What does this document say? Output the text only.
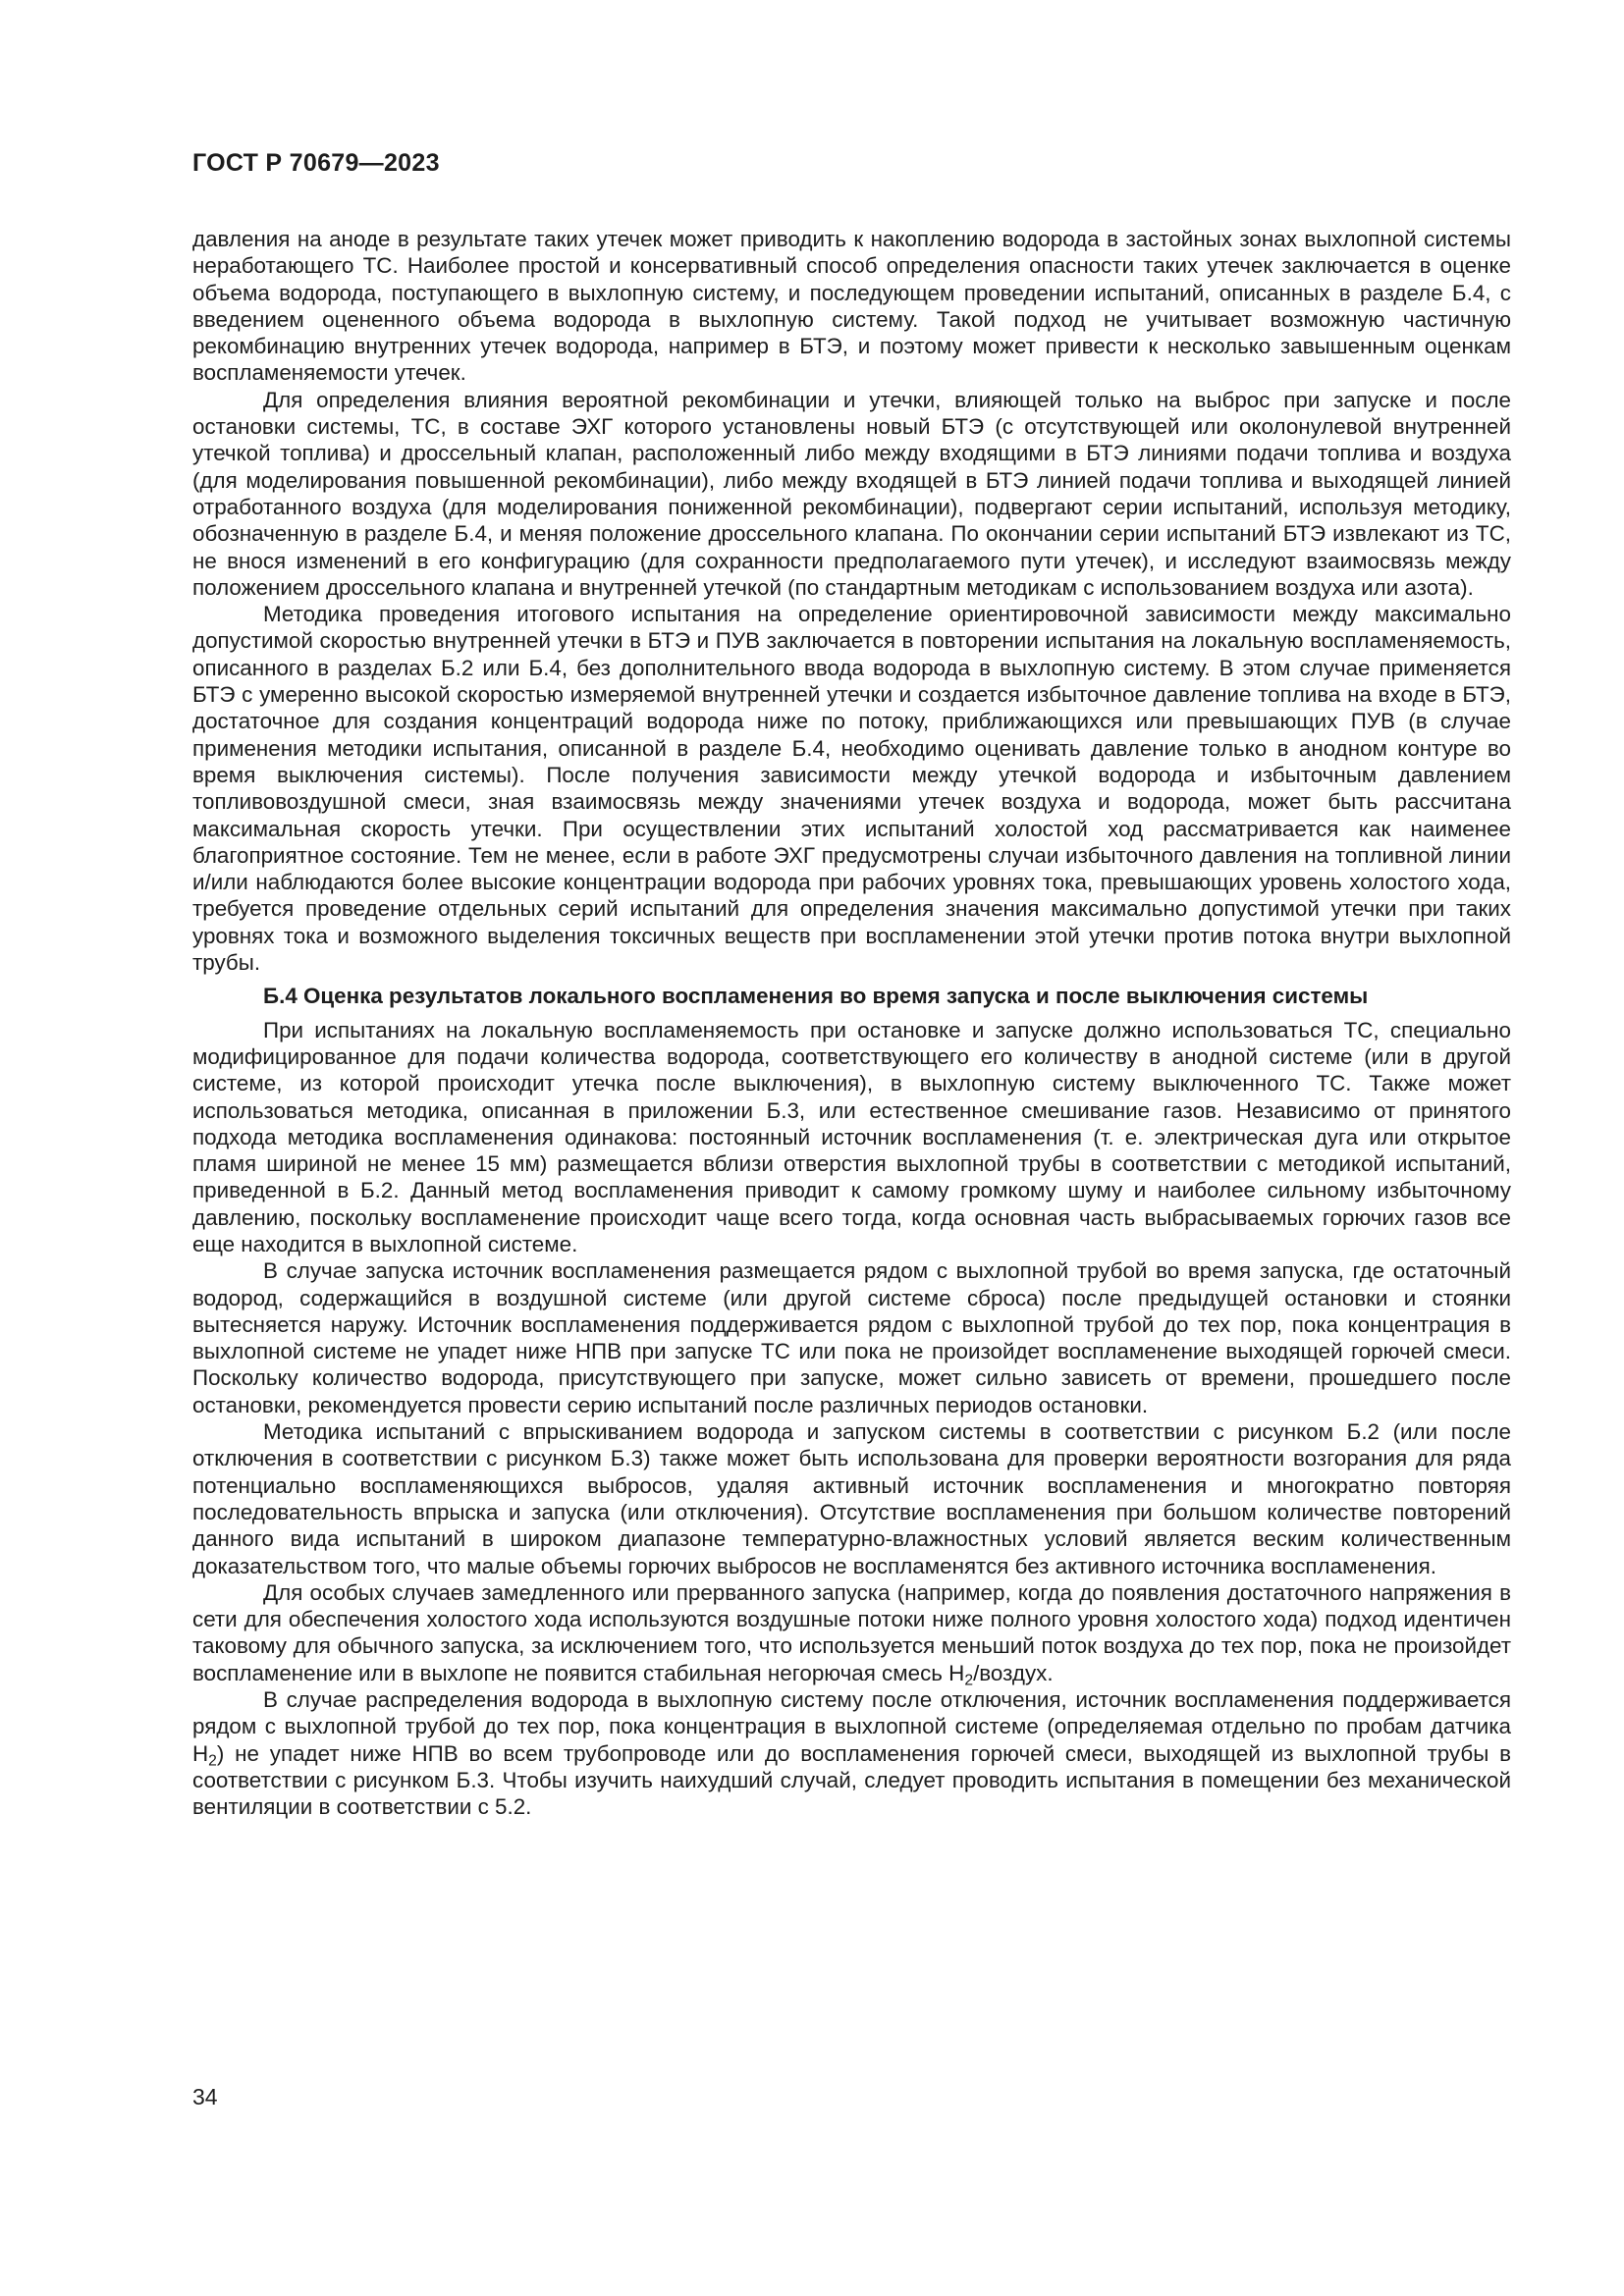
ГОСТ Р 70679—2023

давления на аноде в результате таких утечек может приводить к накоплению водорода в застойных зонах выхлопной системы неработающего ТС. Наиболее простой и консервативный способ определения опасности таких утечек заключается в оценке объема водорода, поступающего в выхлопную систему, и последующем проведении испытаний, описанных в разделе Б.4, с введением оцененного объема водорода в выхлопную систему. Такой подход не учитывает возможную частичную рекомбинацию внутренних утечек водорода, например в БТЭ, и поэтому может привести к несколько завышенным оценкам воспламеняемости утечек.

Для определения влияния вероятной рекомбинации и утечки, влияющей только на выброс при запуске и после остановки системы, ТС, в составе ЭХГ которого установлены новый БТЭ (с отсутствующей или околонулевой внутренней утечкой топлива) и дроссельный клапан, расположенный либо между входящими в БТЭ линиями подачи топлива и воздуха (для моделирования повышенной рекомбинации), либо между входящей в БТЭ линией подачи топлива и выходящей линией отработанного воздуха (для моделирования пониженной рекомбинации), подвергают серии испытаний, используя методику, обозначенную в разделе Б.4, и меняя положение дроссельного клапана. По окончании серии испытаний БТЭ извлекают из ТС, не внося изменений в его конфигурацию (для сохранности предполагаемого пути утечек), и исследуют взаимосвязь между положением дроссельного клапана и внутренней утечкой (по стандартным методикам с использованием воздуха или азота).

Методика проведения итогового испытания на определение ориентировочной зависимости между максимально допустимой скоростью внутренней утечки в БТЭ и ПУВ заключается в повторении испытания на локальную воспламеняемость, описанного в разделах Б.2 или Б.4, без дополнительного ввода водорода в выхлопную систему. В этом случае применяется БТЭ с умеренно высокой скоростью измеряемой внутренней утечки и создается избыточное давление топлива на входе в БТЭ, достаточное для создания концентраций водорода ниже по потоку, приближающихся или превышающих ПУВ (в случае применения методики испытания, описанной в разделе Б.4, необходимо оценивать давление только в анодном контуре во время выключения системы). После получения зависимости между утечкой водорода и избыточным давлением топливовоздушной смеси, зная взаимосвязь между значениями утечек воздуха и водорода, может быть рассчитана максимальная скорость утечки. При осуществлении этих испытаний холостой ход рассматривается как наименее благоприятное состояние. Тем не менее, если в работе ЭХГ предусмотрены случаи избыточного давления на топливной линии и/или наблюдаются более высокие концентрации водорода при рабочих уровнях тока, превышающих уровень холостого хода, требуется проведение отдельных серий испытаний для определения значения максимально допустимой утечки при таких уровнях тока и возможного выделения токсичных веществ при воспламенении этой утечки против потока внутри выхлопной трубы.

Б.4 Оценка результатов локального воспламенения во время запуска и после выключения системы

При испытаниях на локальную воспламеняемость при остановке и запуске должно использоваться ТС, специально модифицированное для подачи количества водорода, соответствующего его количеству в анодной системе (или в другой системе, из которой происходит утечка после выключения), в выхлопную систему выключенного ТС. Также может использоваться методика, описанная в приложении Б.3, или естественное смешивание газов. Независимо от принятого подхода методика воспламенения одинакова: постоянный источник воспламенения (т. е. электрическая дуга или открытое пламя шириной не менее 15 мм) размещается вблизи отверстия выхлопной трубы в соответствии с методикой испытаний, приведенной в Б.2. Данный метод воспламенения приводит к самому громкому шуму и наиболее сильному избыточному давлению, поскольку воспламенение происходит чаще всего тогда, когда основная часть выбрасываемых горючих газов все еще находится в выхлопной системе.

В случае запуска источник воспламенения размещается рядом с выхлопной трубой во время запуска, где остаточный водород, содержащийся в воздушной системе (или другой системе сброса) после предыдущей остановки и стоянки вытесняется наружу. Источник воспламенения поддерживается рядом с выхлопной трубой до тех пор, пока концентрация в выхлопной системе не упадет ниже НПВ при запуске ТС или пока не произойдет воспламенение выходящей горючей смеси. Поскольку количество водорода, присутствующего при запуске, может сильно зависеть от времени, прошедшего после остановки, рекомендуется провести серию испытаний после различных периодов остановки.

Методика испытаний с впрыскиванием водорода и запуском системы в соответствии с рисунком Б.2 (или после отключения в соответствии с рисунком Б.3) также может быть использована для проверки вероятности возгорания для ряда потенциально воспламеняющихся выбросов, удаляя активный источник воспламенения и многократно повторяя последовательность впрыска и запуска (или отключения). Отсутствие воспламенения при большом количестве повторений данного вида испытаний в широком диапазоне температурно-влажностных условий является веским количественным доказательством того, что малые объемы горючих выбросов не воспламенятся без активного источника воспламенения.

Для особых случаев замедленного или прерванного запуска (например, когда до появления достаточного напряжения в сети для обеспечения холостого хода используются воздушные потоки ниже полного уровня холостого хода) подход идентичен таковому для обычного запуска, за исключением того, что используется меньший поток воздуха до тех пор, пока не произойдет воспламенение или в выхлопе не появится стабильная негорючая смесь $H_2$/воздух.

В случае распределения водорода в выхлопную систему после отключения, источник воспламенения поддерживается рядом с выхлопной трубой до тех пор, пока концентрация в выхлопной системе (определяемая отдельно по пробам датчика $H_2$) не упадет ниже НПВ во всем трубопроводе или до воспламенения горючей смеси, выходящей из выхлопной трубы в соответствии с рисунком Б.3. Чтобы изучить наихудший случай, следует проводить испытания в помещении без механической вентиляции в соответствии с 5.2.

34
